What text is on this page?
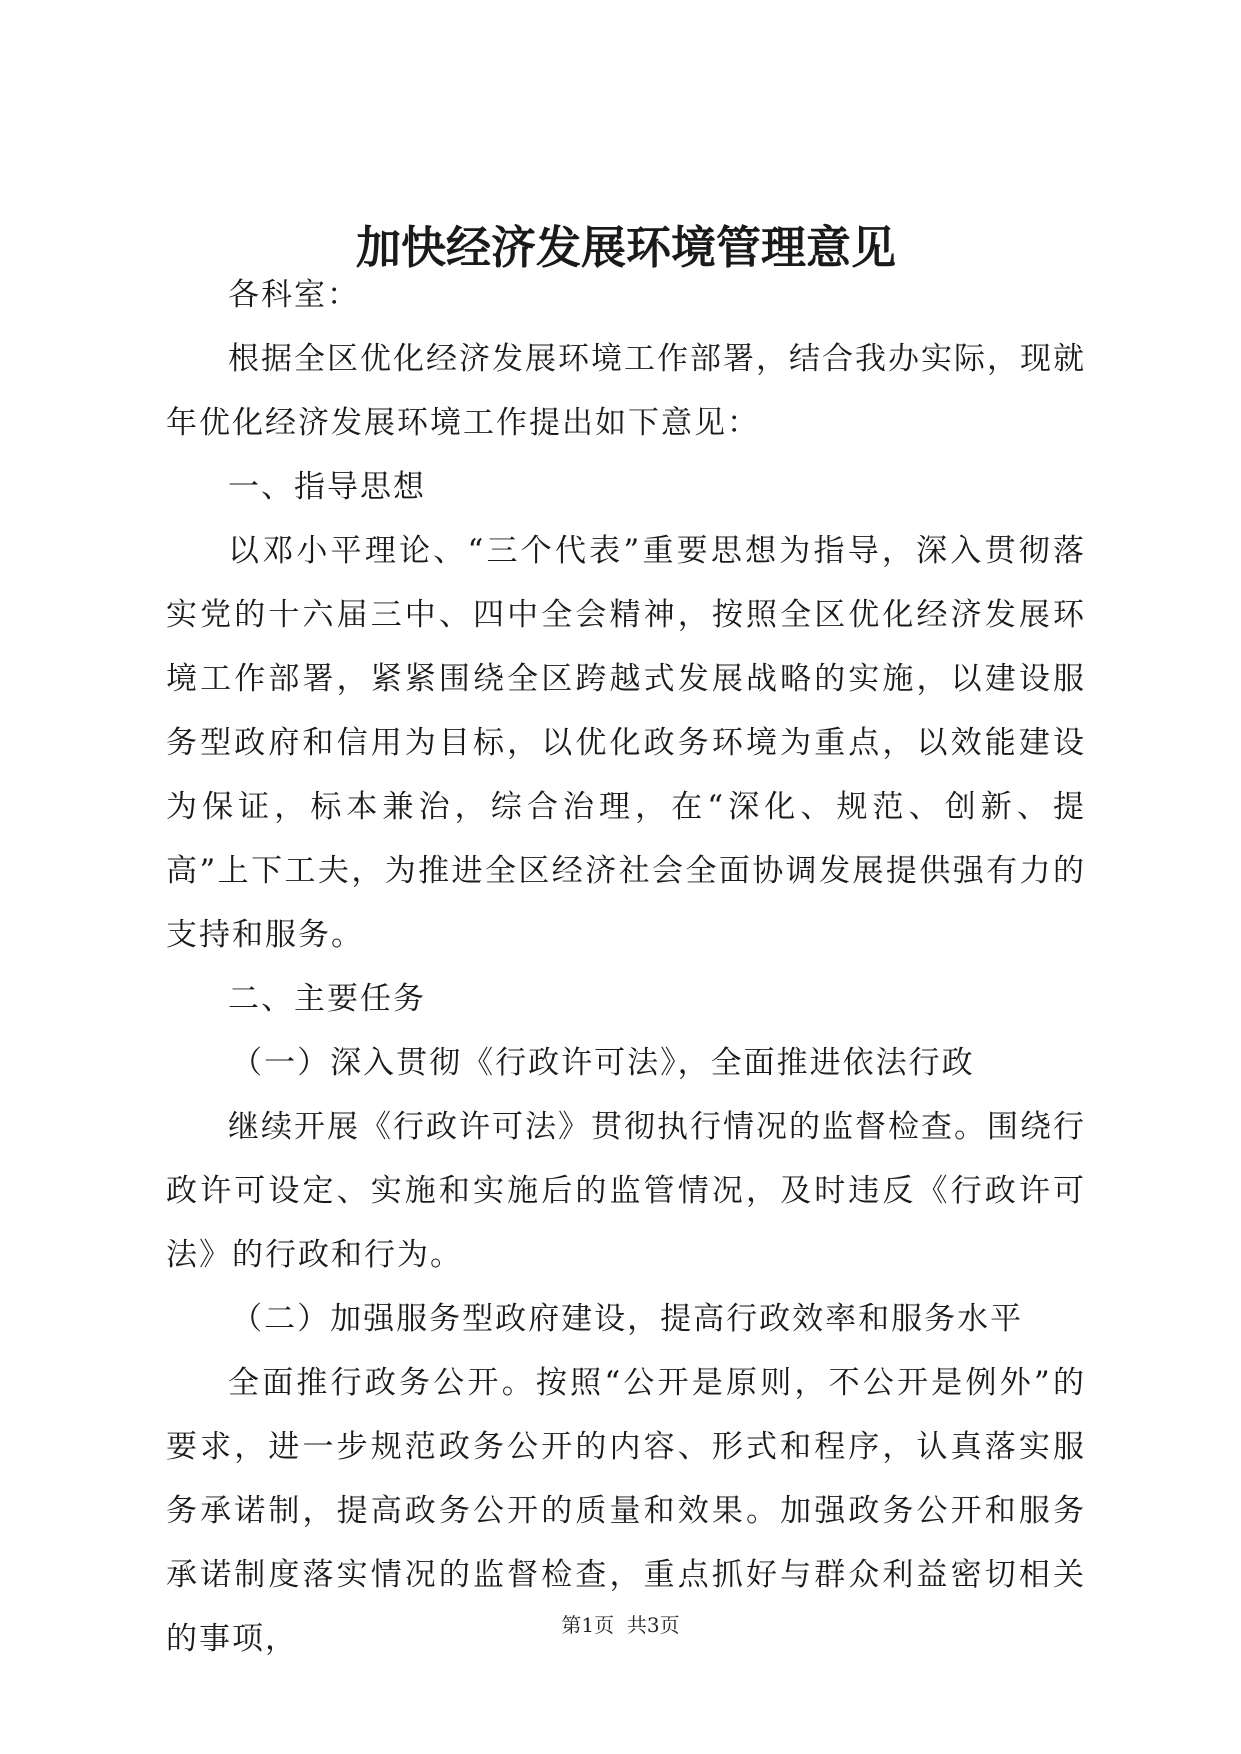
加快经济发展环境管理意见

各科室：

根据全区优化经济发展环境工作部署，结合我办实际，现就年优化经济发展环境工作提出如下意见：

一、指导思想

以邓小平理论、“三个代表”重要思想为指导，深入贯彻落实党的十六届三中、四中全会精神，按照全区优化经济发展环境工作部署，紧紧围绕全区跨越式发展战略的实施，以建设服务型政府和信用为目标，以优化政务环境为重点，以效能建设为保证，标本兼治，综合治理，在“深化、规范、创新、提高”上下工夫，为推进全区经济社会全面协调发展提供强有力的支持和服务。

二、主要任务

（一）深入贯彻《行政许可法》，全面推进依法行政

继续开展《行政许可法》贯彻执行情况的监督检查。围绕行政许可设定、实施和实施后的监管情况，及时违反《行政许可法》的行政和行为。

（二）加强服务型政府建设，提高行政效率和服务水平

全面推行政务公开。按照“公开是原则，不公开是例外”的要求，进一步规范政务公开的内容、形式和程序，认真落实服务承诺制，提高政务公开的质量和效果。加强政务公开和服务承诺制度落实情况的监督检查，重点抓好与群众利益密切相关的事项，	第1页  共3页
